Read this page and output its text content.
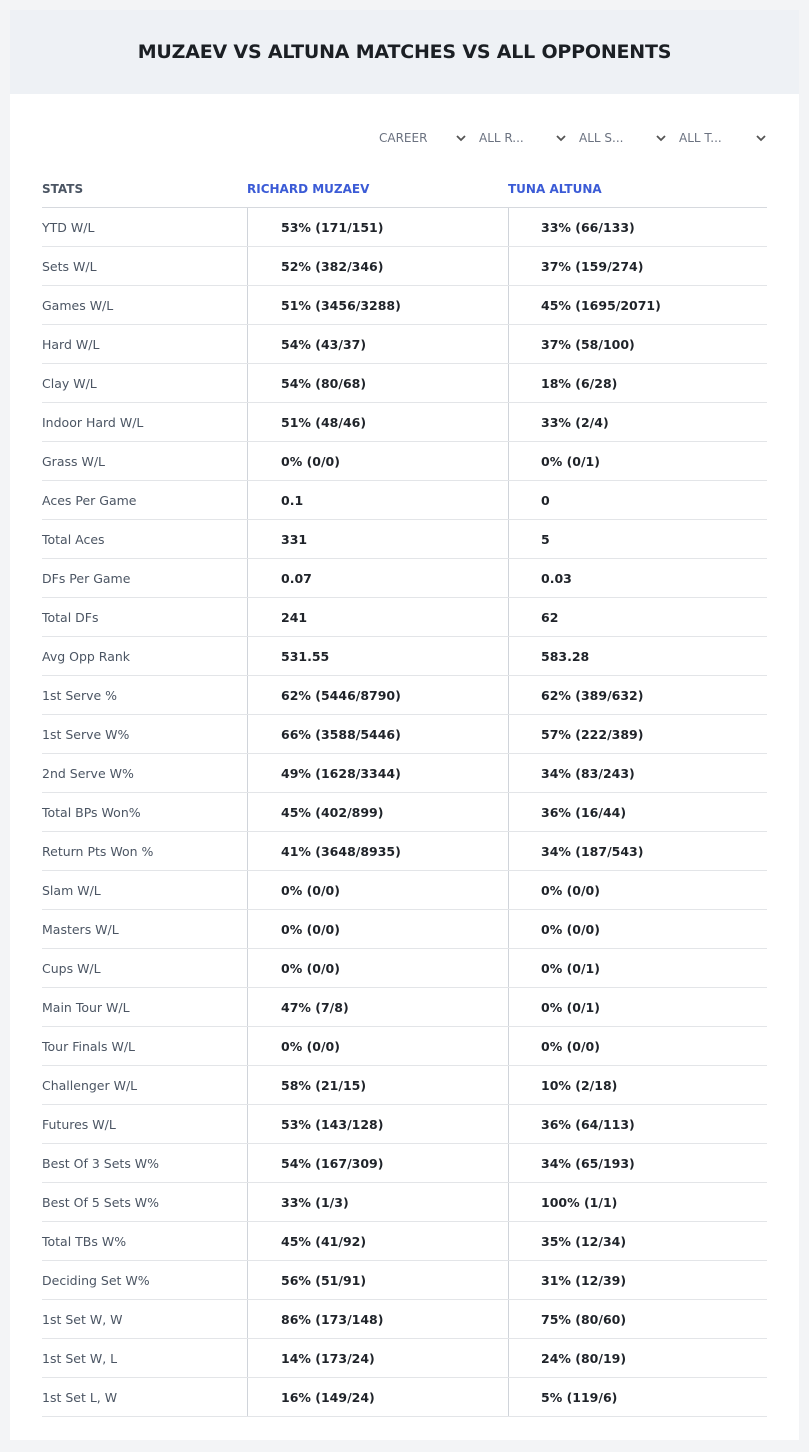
MUZAEV VS ALTUNA MATCHES VS ALL OPPONENTS
CAREER	ALL R...	ALL S...	ALL T...
STATS	RICHARD MUZAEV	TUNA ALTUNA
YTD W/L	53% (171/151)	33% (66/133)
Sets W/L	52% (382/346)	37% (159/274)
Games W/L	51% (3456/3288)	45% (1695/2071)
Hard W/L	54% (43/37)	37% (58/100)
Clay W/L	54% (80/68)	18% (6/28)
Indoor Hard W/L	51% (48/46)	33% (2/4)
Grass W/L	0% (0/0)	0% (0/1)
Aces Per Game	0.1	0
Total Aces	331	5
DFs Per Game	0.07	0.03
Total DFs	241	62
Avg Opp Rank	531.55	583.28
1st Serve %	62% (5446/8790)	62% (389/632)
1st Serve W%	66% (3588/5446)	57% (222/389)
2nd Serve W%	49% (1628/3344)	34% (83/243)
Total BPs Won%	45% (402/899)	36% (16/44)
Return Pts Won %	41% (3648/8935)	34% (187/543)
Slam W/L	0% (0/0)	0% (0/0)
Masters W/L	0% (0/0)	0% (0/0)
Cups W/L	0% (0/0)	0% (0/1)
Main Tour W/L	47% (7/8)	0% (0/1)
Tour Finals W/L	0% (0/0)	0% (0/0)
Challenger W/L	58% (21/15)	10% (2/18)
Futures W/L	53% (143/128)	36% (64/113)
Best Of 3 Sets W%	54% (167/309)	34% (65/193)
Best Of 5 Sets W%	33% (1/3)	100% (1/1)
Total TBs W%	45% (41/92)	35% (12/34)
Deciding Set W%	56% (51/91)	31% (12/39)
1st Set W, W	86% (173/148)	75% (80/60)
1st Set W, L	14% (173/24)	24% (80/19)
1st Set L, W	16% (149/24)	5% (119/6)
